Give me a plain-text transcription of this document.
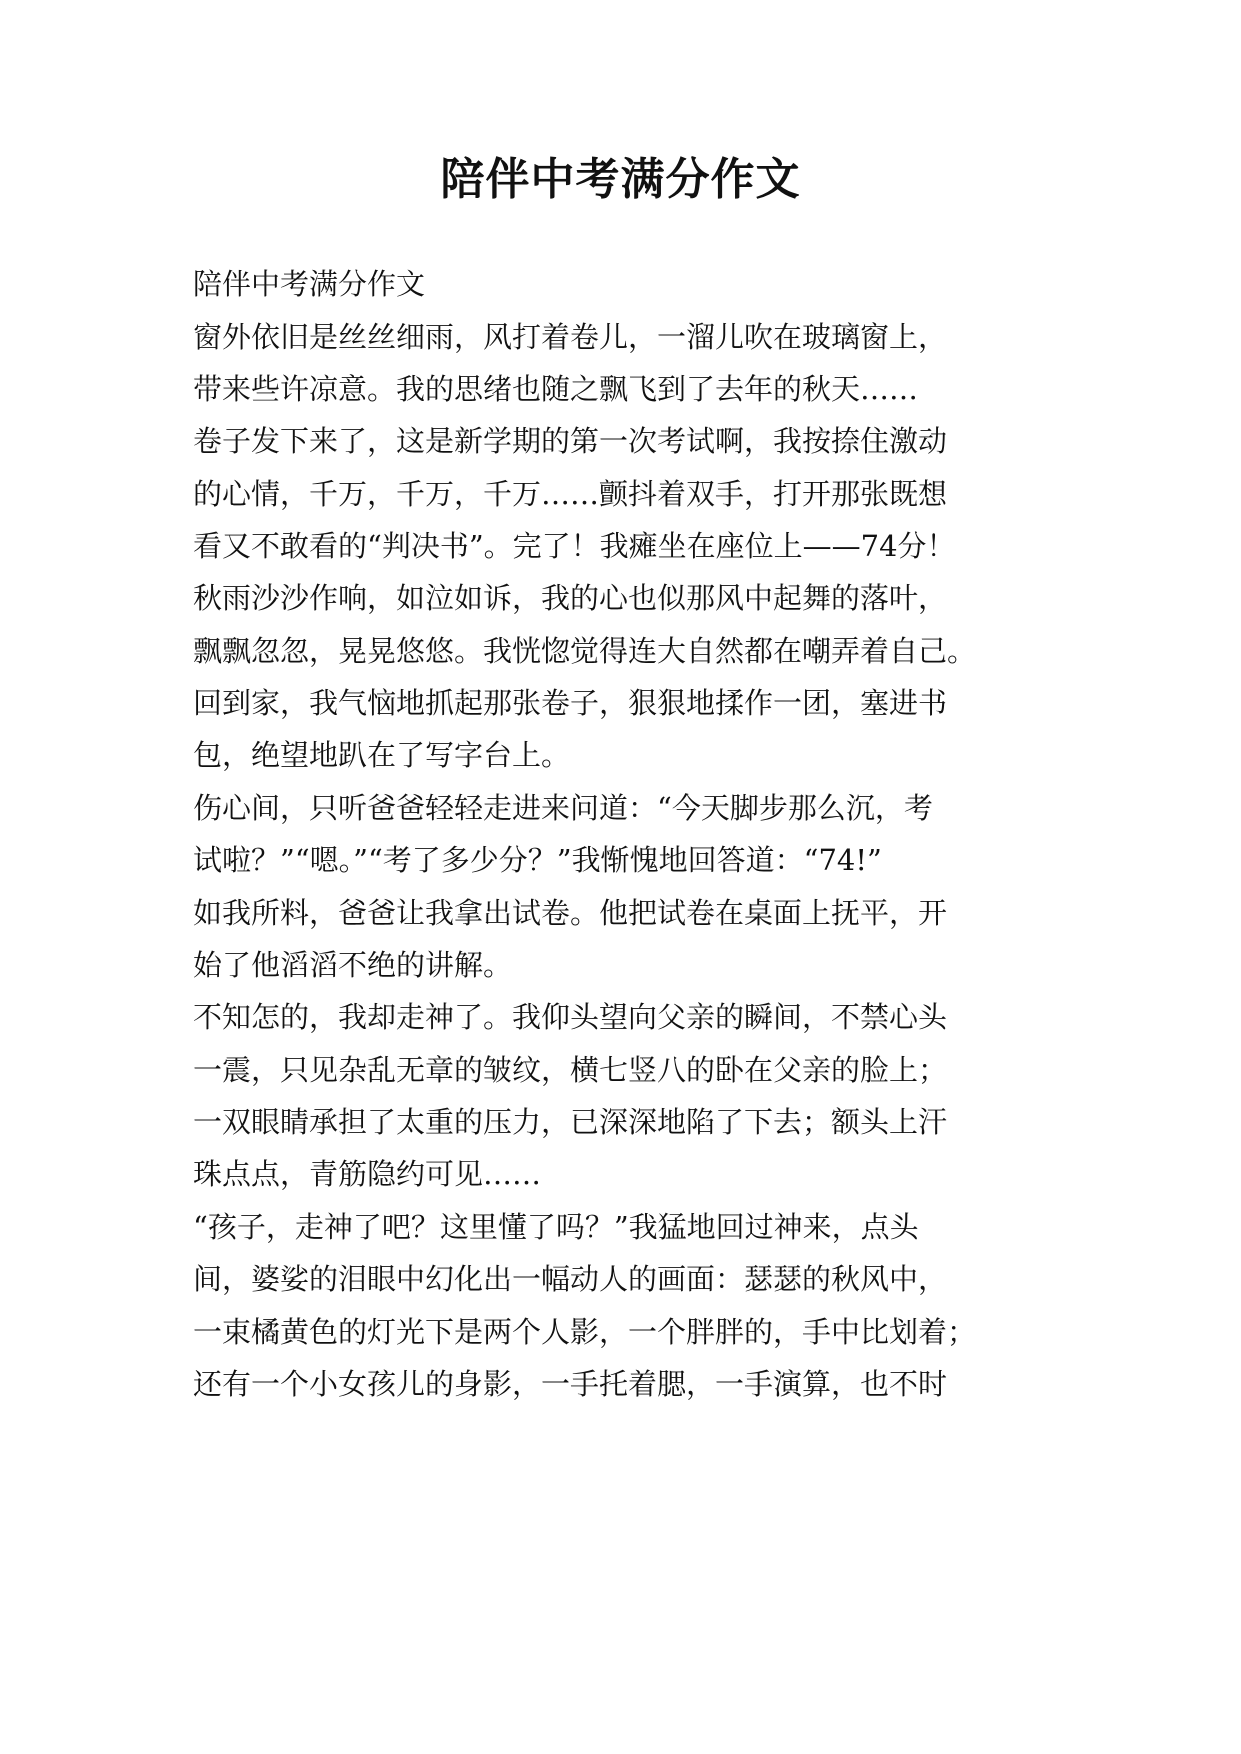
陪伴中考满分作文
陪伴中考满分作文
窗外依旧是丝丝细雨，风打着卷儿，一溜儿吹在玻璃窗上，
带来些许凉意。我的思绪也随之飘飞到了去年的秋天……
卷子发下来了，这是新学期的第一次考试啊，我按捺住激动
的心情，千万，千万，千万……颤抖着双手，打开那张既想
看又不敢看的“判决书”。完了！我瘫坐在座位上——74分！
秋雨沙沙作响，如泣如诉，我的心也似那风中起舞的落叶，
飘飘忽忽，晃晃悠悠。我恍惚觉得连大自然都在嘲弄着自己。
回到家，我气恼地抓起那张卷子，狠狠地揉作一团，塞进书
包，绝望地趴在了写字台上。
伤心间，只听爸爸轻轻走进来问道：“今天脚步那么沉，考
试啦？”“嗯。”“考了多少分？”我惭愧地回答道：“74!”
如我所料，爸爸让我拿出试卷。他把试卷在桌面上抚平，开
始了他滔滔不绝的讲解。
不知怎的，我却走神了。我仰头望向父亲的瞬间，不禁心头
一震，只见杂乱无章的皱纹，横七竖八的卧在父亲的脸上；
一双眼睛承担了太重的压力，已深深地陷了下去；额头上汗
珠点点，青筋隐约可见……
“孩子，走神了吧？这里懂了吗？”我猛地回过神来，点头
间，婆娑的泪眼中幻化出一幅动人的画面：瑟瑟的秋风中，
一束橘黄色的灯光下是两个人影，一个胖胖的，手中比划着；
还有一个小女孩儿的身影，一手托着腮，一手演算，也不时
